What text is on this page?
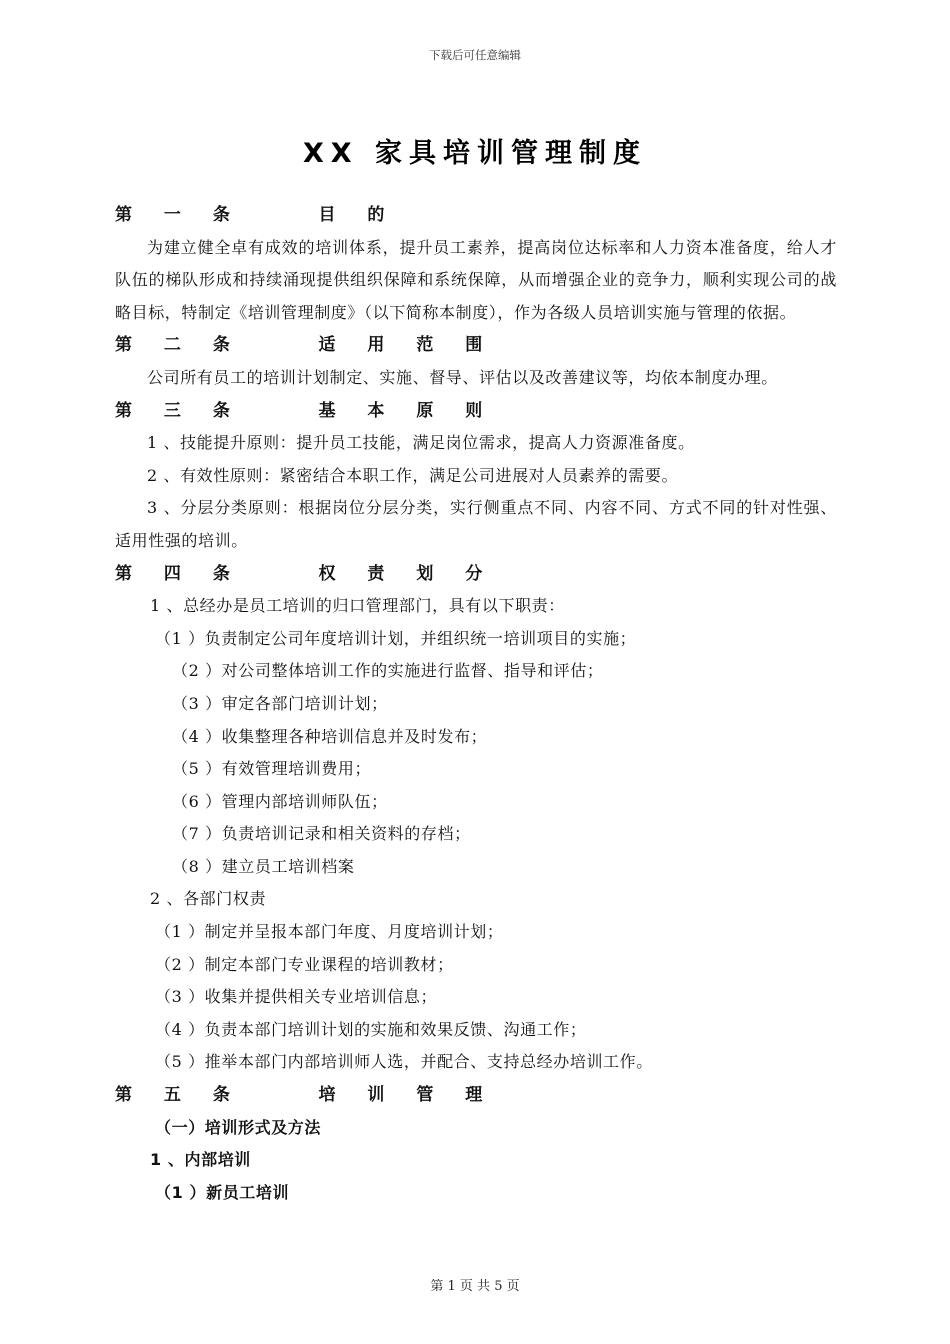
下载后可任意编辑
XX 家具培训管理制度
第 一 条    目 的
为建立健全卓有成效的培训体系，提升员工素养，提高岗位达标率和人力资本准备度，给人才队伍的梯队形成和持续涌现提供组织保障和系统保障，从而增强企业的竞争力，顺利实现公司的战略目标，特制定《培训管理制度》（以下简称本制度），作为各级人员培训实施与管理的依据。
第 二 条    适 用 范 围
公司所有员工的培训计划制定、实施、督导、评估以及改善建议等，均依本制度办理。
第 三 条    基 本 原 则
1 、技能提升原则：提升员工技能，满足岗位需求，提高人力资源准备度。
2 、有效性原则：紧密结合本职工作，满足公司进展对人员素养的需要。
3 、分层分类原则：根据岗位分层分类，实行侧重点不同、内容不同、方式不同的针对性强、适用性强的培训。
第 四 条    权 责 划 分
1 、总经办是员工培训的归口管理部门，具有以下职责：
（1 ）负责制定公司年度培训计划，并组织统一培训项目的实施；
（2 ）对公司整体培训工作的实施进行监督、指导和评估；
（3 ）审定各部门培训计划；
（4 ）收集整理各种培训信息并及时发布；
（5 ）有效管理培训费用；
（6 ）管理内部培训师队伍；
（7 ）负责培训记录和相关资料的存档；
（8 ）建立员工培训档案
2 、各部门权责
（1 ）制定并呈报本部门年度、月度培训计划；
（2 ）制定本部门专业课程的培训教材；
（3 ）收集并提供相关专业培训信息；
（4 ）负责本部门培训计划的实施和效果反馈、沟通工作；
（5 ）推举本部门内部培训师人选，并配合、支持总经办培训工作。
第 五 条    培 训 管 理
（一）培训形式及方法
1 、内部培训
（1 ）新员工培训
第 1 页 共 5 页
